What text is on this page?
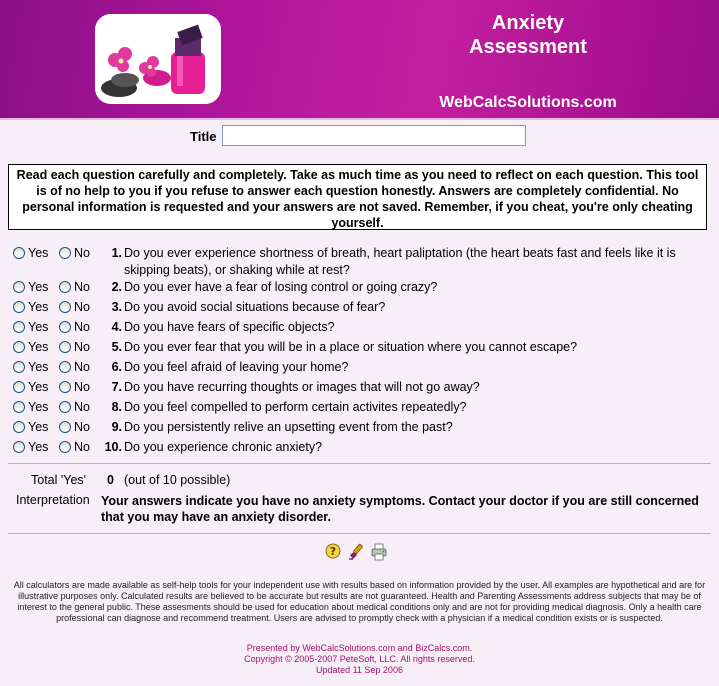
Anxiety
Assessment
WebCalcSolutions.com
Title
Read each question carefully and completely. Take as much time as you need to reflect on each question. This tool is of no help to you if you refuse to answer each question honestly. Answers are completely confidential. No personal information is requested and your answers are not saved. Remember, if you cheat, you're only cheating yourself.
Yes No	1. Do you ever experience shortness of breath, heart paliptation (the heart beats fast and feels like it is skipping beats), or shaking while at rest?
Yes No	2. Do you ever have a fear of losing control or going crazy?
Yes No	3. Do you avoid social situations because of fear?
Yes No	4. Do you have fears of specific objects?
Yes No	5. Do you ever fear that you will be in a place or situation where you cannot escape?
Yes No	6. Do you feel afraid of leaving your home?
Yes No	7. Do you have recurring thoughts or images that will not go away?
Yes No	8. Do you feel compelled to perform certain activites repeatedly?
Yes No	9. Do you persistently relive an upsetting event from the past?
Yes No 10. Do you experience chronic anxiety?
Total 'Yes' 0 (out of 10 possible)
Interpretation Your answers indicate you have no anxiety symptoms. Contact your doctor if you are still concerned that you may have an anxiety disorder.
?
All calculators are made available as self-help tools for your independent use with results based on information provided by the user. All examples are hypothetical and are for illustrative purposes only. Calculated results are believed to be accurate but results are not guaranteed. Health and Parenting Assessments address subjects that may be of interest to the general public. These assesments should be used for education about medical conditions only and are not for providing medical diagnosis. Only a health care professional can diagnose and recommend treatment. Users are advised to promptly check with a physician if a medical condition exists or is suspected.
Presented by WebCalcSolutions.com and BizCalcs.com.
Copyright © 2005-2007 PeteSoft, LLC. All rights reserved.
Updated 11 Sep 2006
